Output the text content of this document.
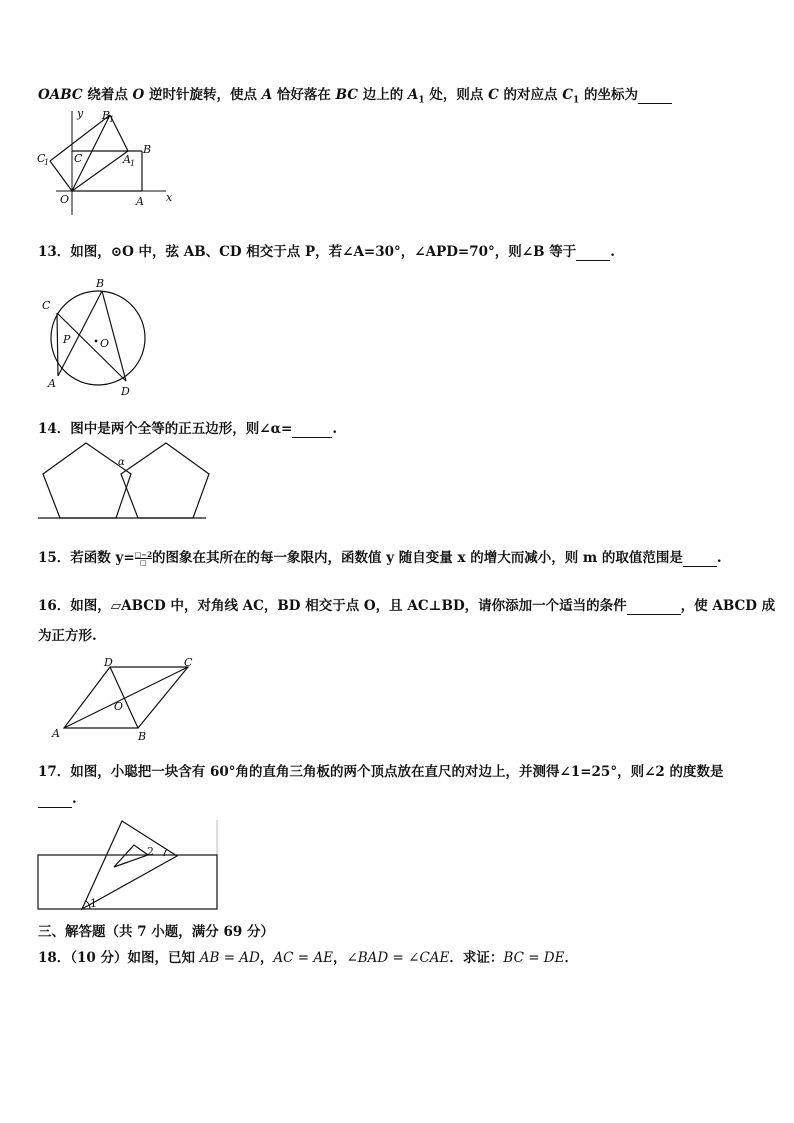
OABC 绕着点 O 逆时针旋转，使点 A 恰好落在 BC 边上的 $A_1$ 处，则点 C 的对应点 $C_1$ 的坐标为
y
x
B
1
B
C
1 C	A 1
O	A
13．如图，⊙O 中，弦 AB、CD 相交于点 P，若∠A=30°，∠APD=70°，则∠B 等于	.
C
B
P	O
A
D
14．图中是两个全等的正五边形，则∠α=	.
α
15．若函数 $y= \frac{□-2}{□}$ 的图象在其所在的每一象限内，函数值 y 随自变量 x 的增大而减小，则 m 的取值范围是	.
16．如图，▱ABCD 中，对角线 AC，BD 相交于点 O，且 AC⊥BD，请你添加一个适当的条件	，使 ABCD 成
为正方形.
D	C
O
A	B
17．如图，小聪把一块含有 60°角的直角三角板的两个顶点放在直尺的对边上，并测得∠1=25°，则∠2 的度数是
.
2
1
三、解答题（共 7 小题，满分 69 分）
18．（10 分）如图，已知 AB = AD，AC = AE，∠BAD = ∠CAE．求证：BC = DE．
